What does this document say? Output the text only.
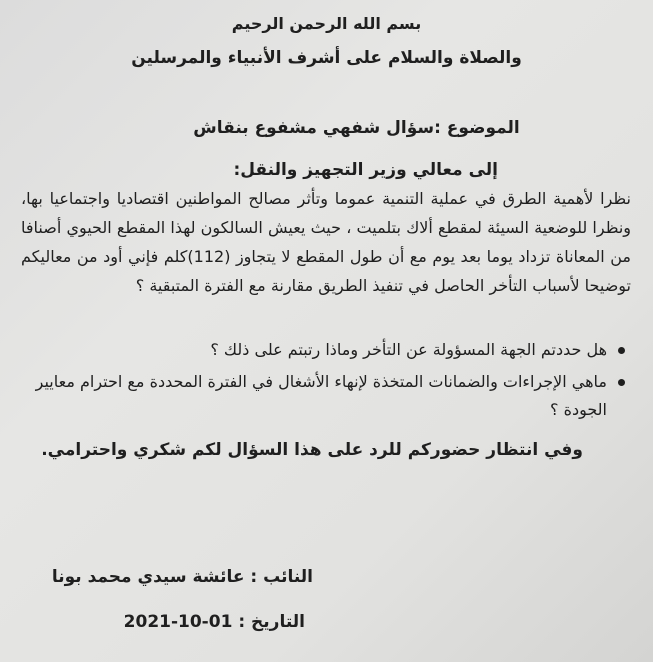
بسم الله الرحمن الرحيم
والصلاة والسلام على أشرف الأنبياء والمرسلين
الموضوع :سؤال شفهي مشفوع بنقاش
إلى معالي وزير التجهيز والنقل:
نظرا لأهمية الطرق في عملية التنمية عموما وتأثر مصالح المواطنين اقتصاديا واجتماعيا بها، ونظرا للوضعية السيئة لمقطع ألاك بتلميت ، حيث يعيش السالكون لهذا المقطع الحيوي أصنافا من المعاناة تزداد يوما بعد يوم مع أن طول المقطع لا يتجاوز (112)كلم فإني أود من معاليكم توضيحا لأسباب التأخر الحاصل في تنفيذ الطريق مقارنة مع الفترة المتبقية ؟
هل حددتم الجهة المسؤولة عن التأخر وماذا رتبتم على ذلك ؟
ماهي الإجراءات والضمانات المتخذة لإنهاء الأشغال في الفترة المحددة مع احترام معايير الجودة ؟
وفي انتظار حضوركم للرد على هذا السؤال لكم شكري واحترامي.
النائب : عائشة سيدي محمد بونا
التاريخ : 2021-10-01
